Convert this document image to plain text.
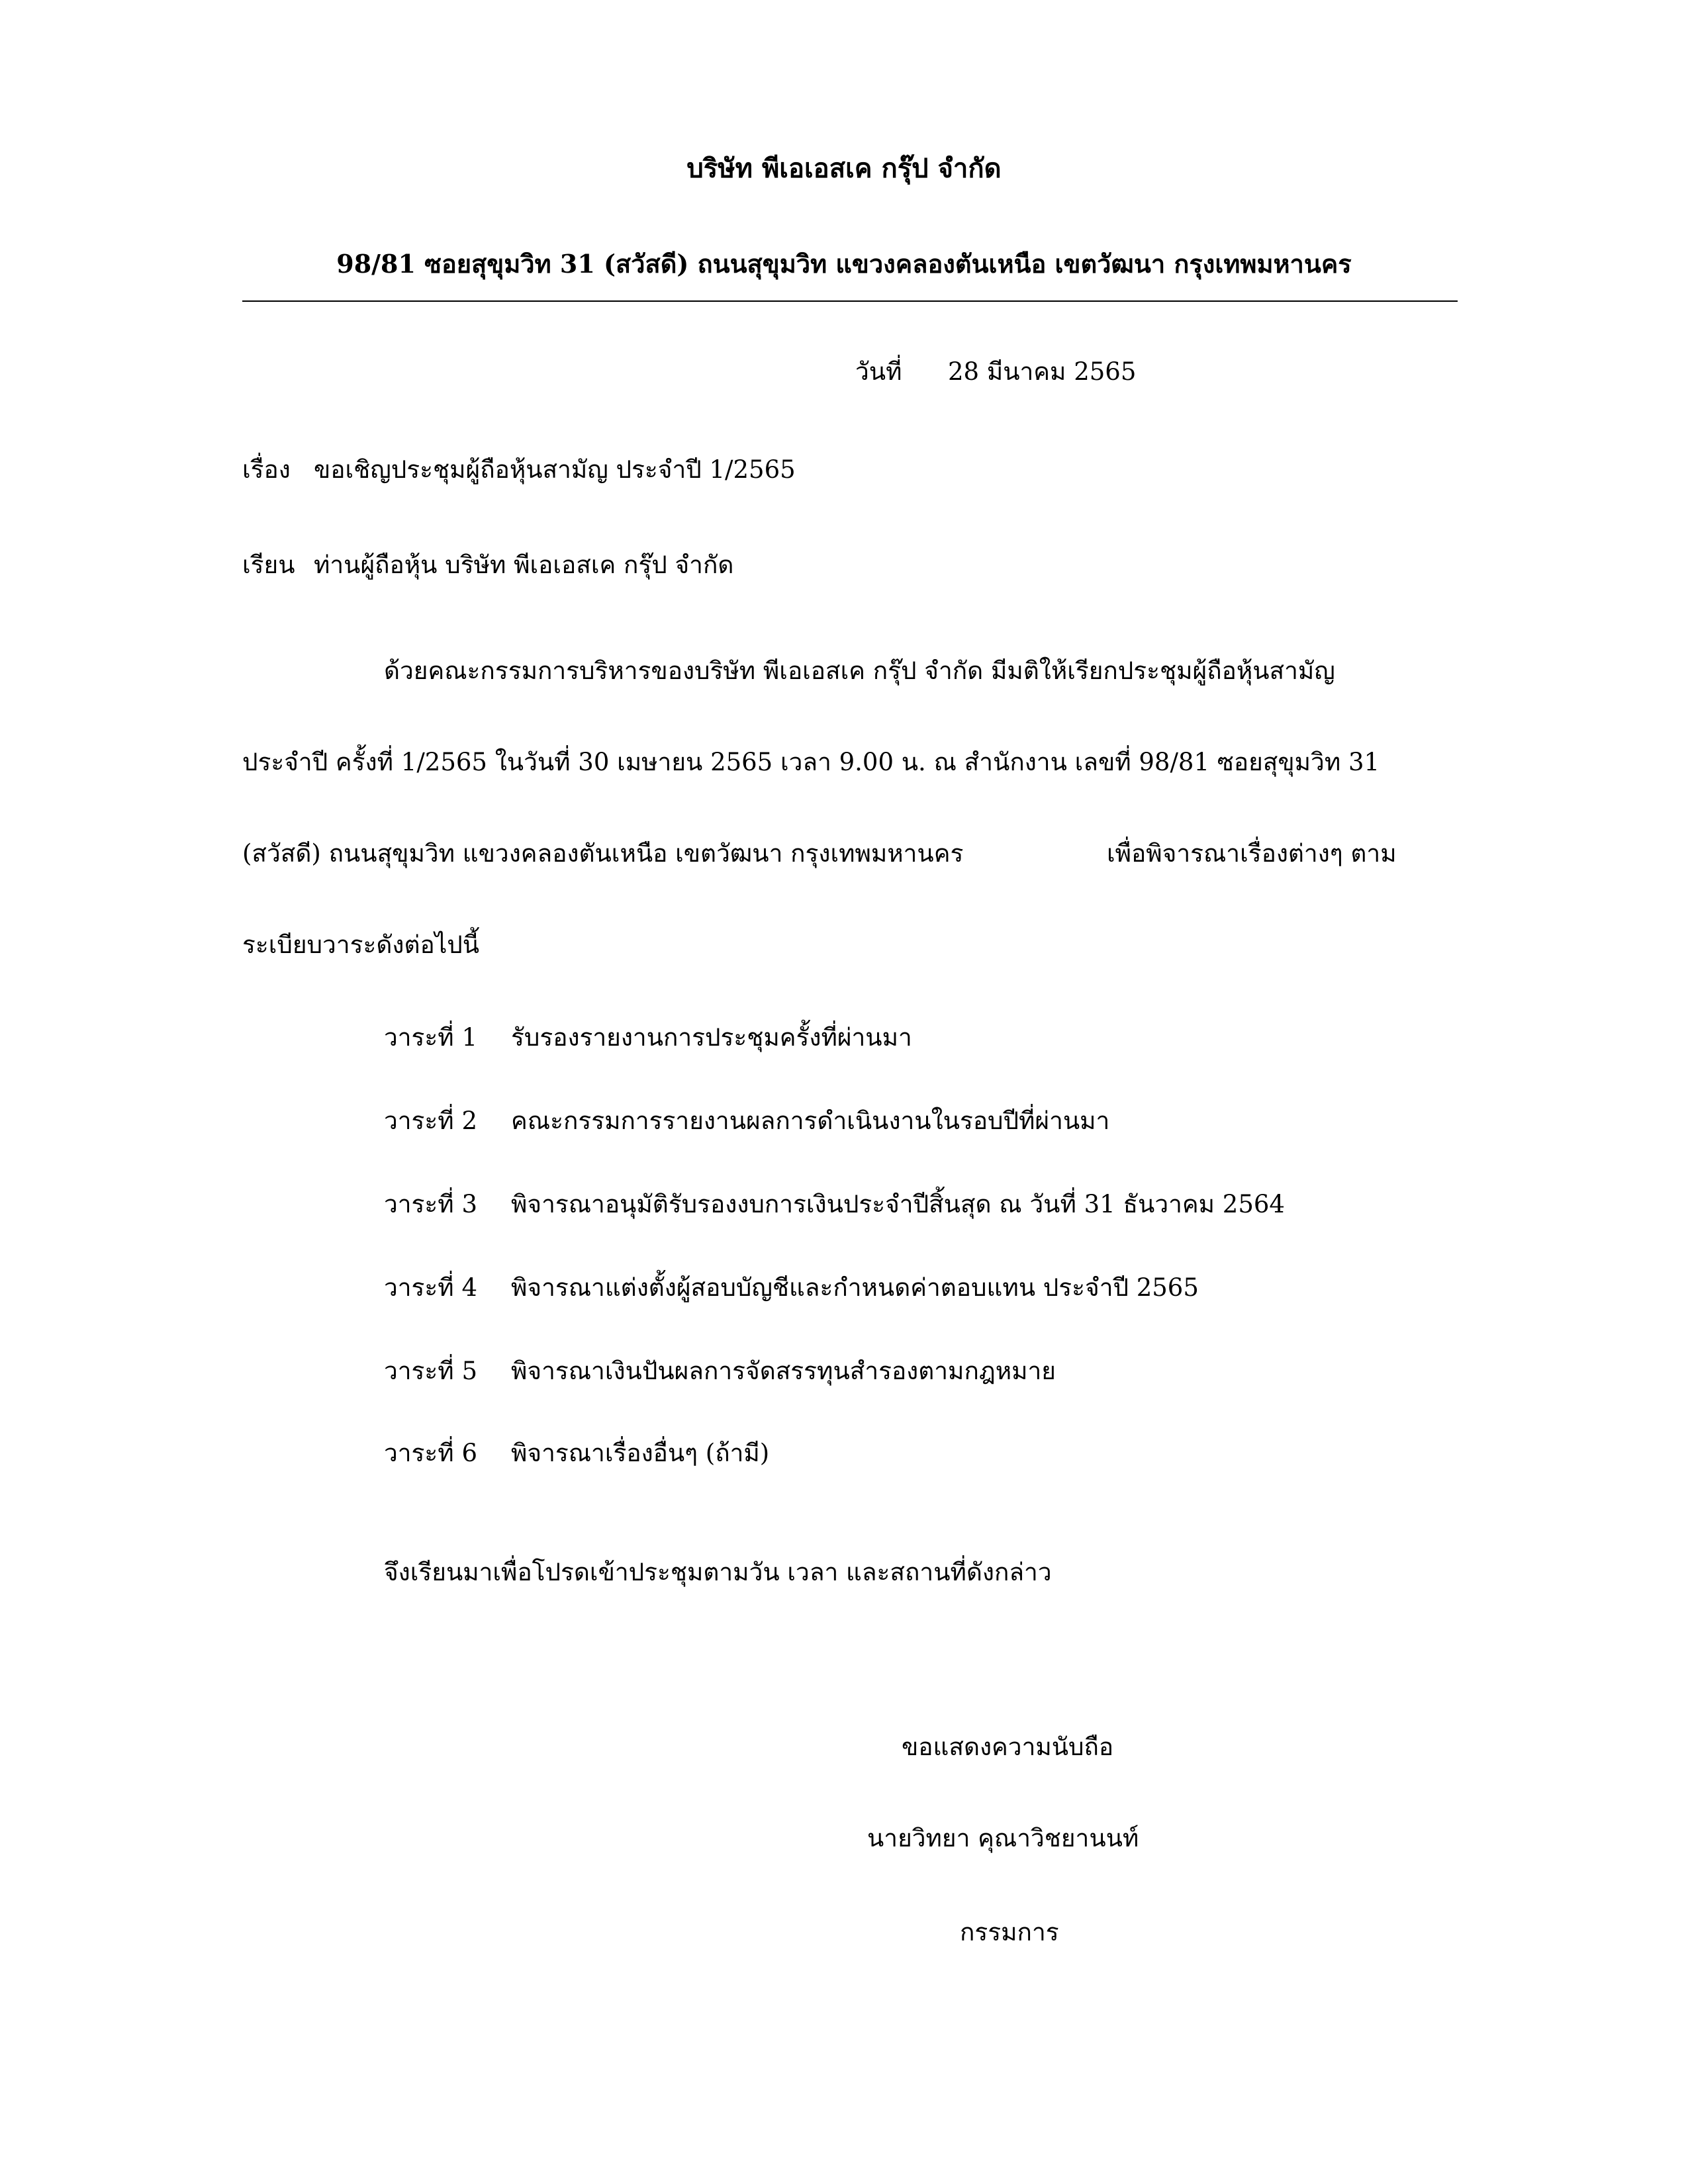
บริษัท พีเอเอสเค กรุ๊ป จำกัด
98/81 ซอยสุขุมวิท 31 (สวัสดี) ถนนสุขุมวิท แขวงคลองตันเหนือ เขตวัฒนา กรุงเทพมหานคร
วันที่ 28 มีนาคม 2565
เรื่อง ขอเชิญประชุมผู้ถือหุ้นสามัญ ประจำปี 1/2565
เรียน ท่านผู้ถือหุ้น บริษัท พีเอเอสเค กรุ๊ป จำกัด
ด้วยคณะกรรมการบริหารของบริษัท พีเอเอสเค กรุ๊ป จำกัด มีมติให้เรียกประชุมผู้ถือหุ้นสามัญ
ประจำปี ครั้งที่ 1/2565 ในวันที่ 30 เมษายน 2565 เวลา 9.00 น. ณ สำนักงาน เลขที่ 98/81 ซอยสุขุมวิท 31
(สวัสดี) ถนนสุขุมวิท แขวงคลองตันเหนือ เขตวัฒนา กรุงเทพมหานคร	เพื่อพิจารณาเรื่องต่างๆ ตาม
ระเบียบวาระดังต่อไปนี้
วาระที่ 1 รับรองรายงานการประชุมครั้งที่ผ่านมา
วาระที่ 2 คณะกรรมการรายงานผลการดำเนินงานในรอบปีที่ผ่านมา
วาระที่ 3 พิจารณาอนุมัติรับรองงบการเงินประจำปีสิ้นสุด ณ วันที่ 31 ธันวาคม 2564
วาระที่ 4 พิจารณาแต่งตั้งผู้สอบบัญชีและกำหนดค่าตอบแทน ประจำปี 2565
วาระที่ 5 พิจารณาเงินปันผลการจัดสรรทุนสำรองตามกฎหมาย
วาระที่ 6 พิจารณาเรื่องอื่นๆ (ถ้ามี)
จึงเรียนมาเพื่อโปรดเข้าประชุมตามวัน เวลา และสถานที่ดังกล่าว
ขอแสดงความนับถือ
นายวิทยา คุณาวิชยานนท์
กรรมการ
